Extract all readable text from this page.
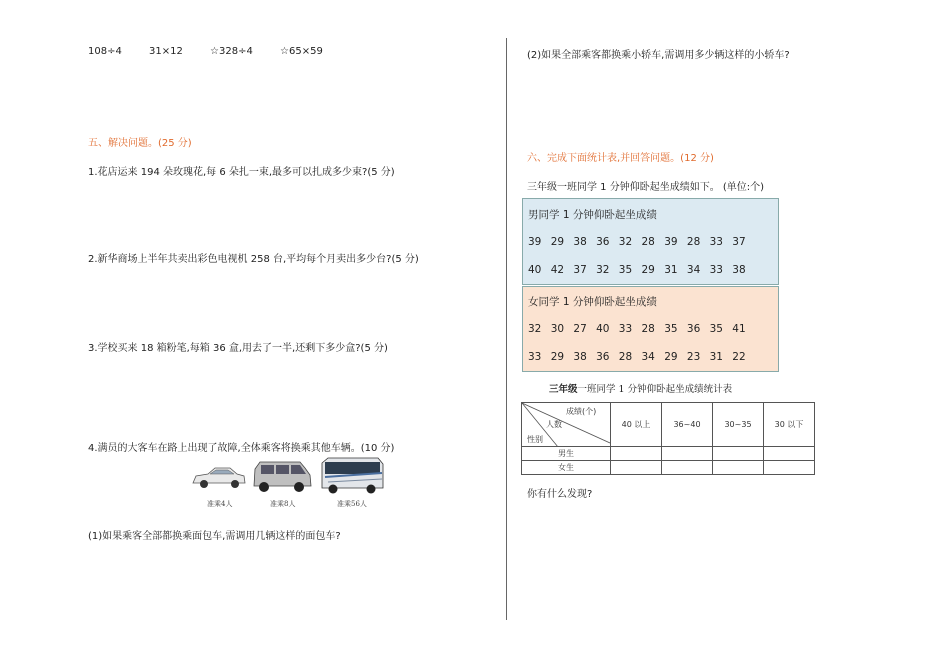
108÷4	31×12	☆328÷4	☆65×59
五、解决问题。(25 分)
1.花店运来 194 朵玫瑰花,每 6 朵扎一束,最多可以扎成多少束?(5 分)
2.新华商场上半年共卖出彩色电视机 258 台,平均每个月卖出多少台?(5 分)
3.学校买来 18 箱粉笔,每箱 36 盒,用去了一半,还剩下多少盒?(5 分)
4.满员的大客车在路上出现了故障,全体乘客将换乘其他车辆。(10 分)
准乘4人	准乘8人	准乘56人
(1)如果乘客全部都换乘面包车,需调用几辆这样的面包车?
(2)如果全部乘客都换乘小轿车,需调用多少辆这样的小轿车?
六、完成下面统计表,并回答问题。(12 分)
三年级一班同学 1 分钟仰卧起坐成绩如下。 (单位:个)
男同学 1 分钟仰卧起坐成绩
39 29 38 36 32 28 39 28 33 37
40 42 37 32 35 29 31 34 33 38
女同学 1 分钟仰卧起坐成绩
32 30 27 40 33 28 35 36 35 41
33 29 38 36 28 34 29 23 31 22
三年级一班同学 1 分钟仰卧起坐成绩统计表
成绩(个)
人数
性别	40 以上	36~40	30~35	30 以下
男生				
女生				
你有什么发现?
